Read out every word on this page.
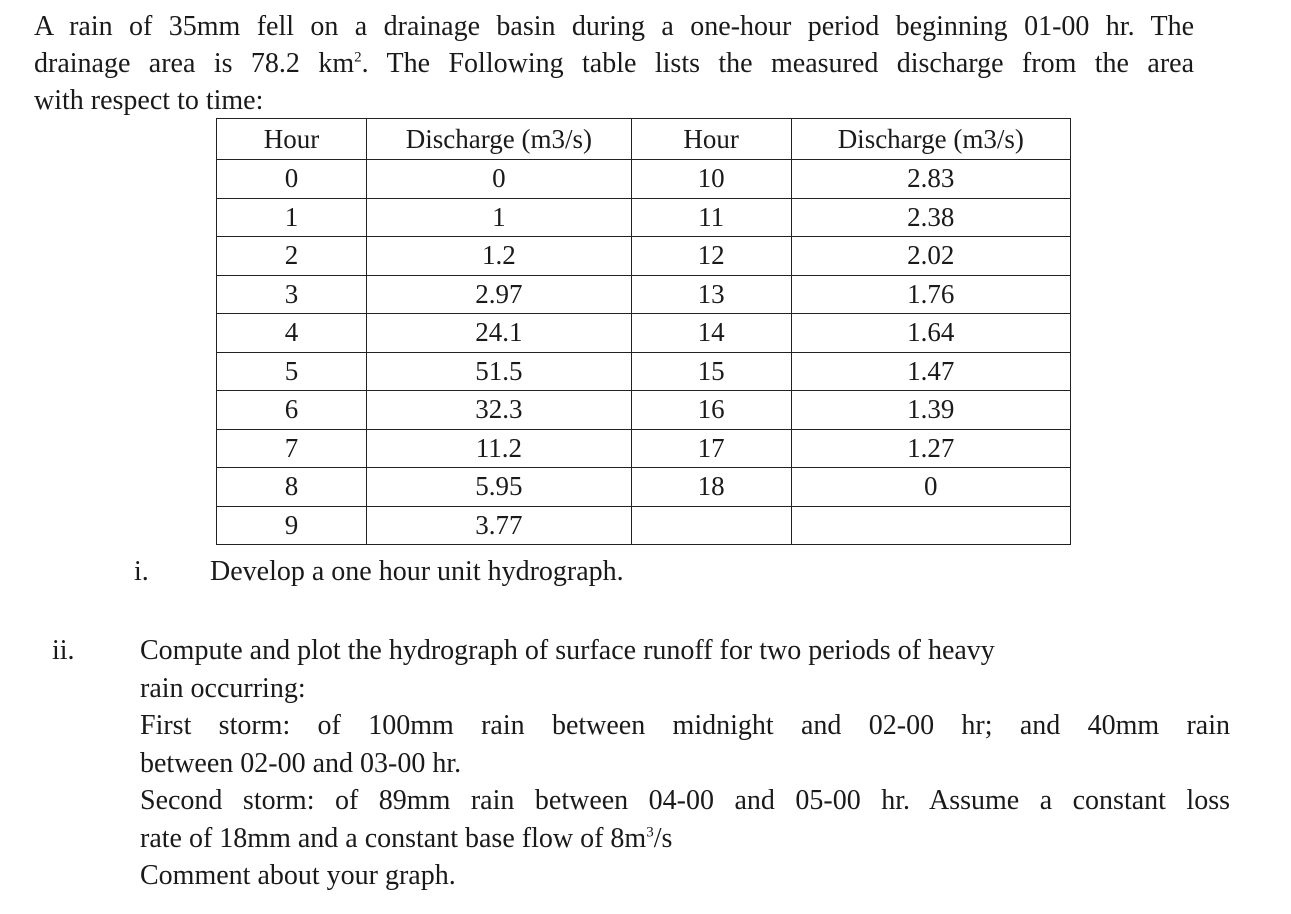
A rain of 35mm fell on a drainage basin during a one-hour period beginning 01-00 hr. The
drainage area is 78.2 $km^2$. The Following table lists the measured discharge from the area
with respect to time:
Hour	Discharge (m3/s)	Hour	Discharge (m3/s)
0	0	10	2.83
1	1	11	2.38
2	1.2	12	2.02
3	2.97	13	1.76
4	24.1	14	1.64
5	51.5	15	1.47
6	32.3	16	1.39
7	11.2	17	1.27
8	5.95	18	0
9	3.77		
i. Develop a one hour unit hydrograph.
ii. Compute and plot the hydrograph of surface runoff for two periods of heavy
rain occurring:
First storm: of 100mm rain between midnight and 02-00 hr; and 40mm rain
between 02-00 and 03-00 hr.
Second storm: of 89mm rain between 04-00 and 05-00 hr. Assume a constant loss
rate of 18mm and a constant base flow of $8m^3/s$
Comment about your graph.
